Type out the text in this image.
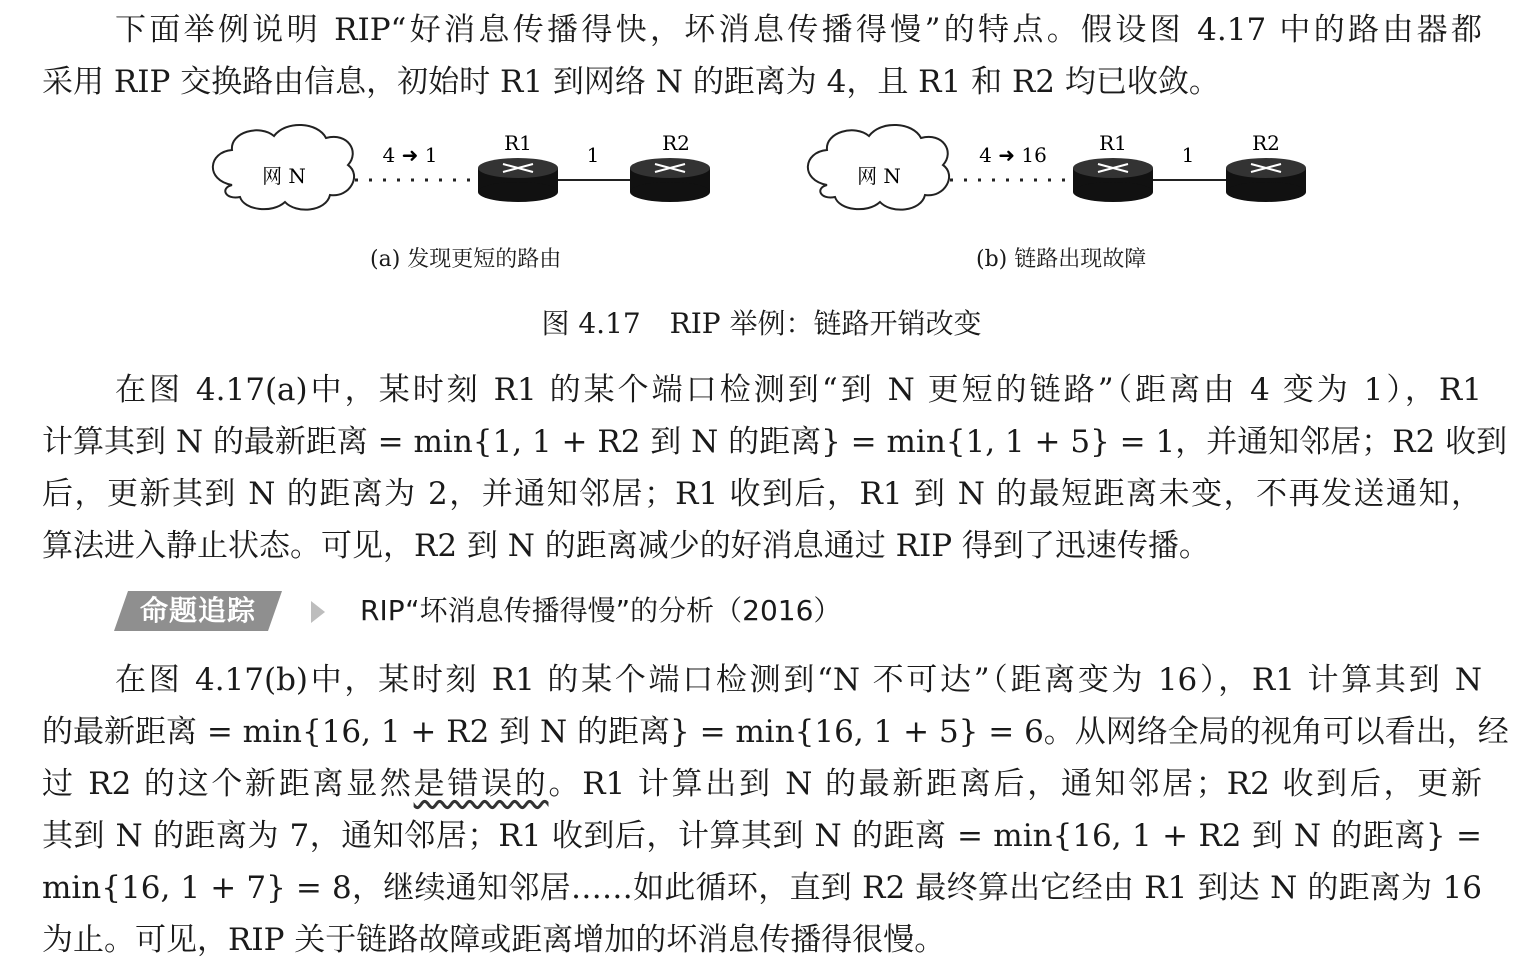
下面举例说明 RIP“好消息传播得快，坏消息传播得慢”的特点。假设图 4.17 中的路由器都
采用 RIP 交换路由信息，初始时 R1 到网络 N 的距离为 4，且 R1 和 R2 均已收敛。
网 N
4 ➜ 1	1
R1	R2
网 N
4 ➜ 16	1
R1	R2
(a) 发现更短的路由	(b) 链路出现故障
图 4.17 RIP 举例：链路开销改变
在图 4.17(a)中，某时刻 R1 的某个端口检测到“到 N 更短的链路”（距离由 4 变为 1），R1
计算其到 N 的最新距离 = min{1, 1 + R2 到 N 的距离} = min{1, 1 + 5} = 1，并通知邻居；R2 收到
后，更新其到 N 的距离为 2，并通知邻居；R1 收到后，R1 到 N 的最短距离未变，不再发送通知，
算法进入静止状态。可见，R2 到 N 的距离减少的好消息通过 RIP 得到了迅速传播。
命题追踪	RIP“坏消息传播得慢”的分析（2016）
在图 4.17(b)中，某时刻 R1 的某个端口检测到“N 不可达”（距离变为 16），R1 计算其到 N
的最新距离 = min{16, 1 + R2 到 N 的距离} = min{16, 1 + 5} = 6。从网络全局的视角可以看出，经
过 R2 的这个新距离显然是错误的。R1 计算出到 N 的最新距离后，通知邻居；R2 收到后，更新
其到 N 的距离为 7，通知邻居；R1 收到后，计算其到 N 的距离 = min{16, 1 + R2 到 N 的距离} =
min{16, 1 + 7} = 8，继续通知邻居……如此循环，直到 R2 最终算出它经由 R1 到达 N 的距离为 16
为止。可见，RIP 关于链路故障或距离增加的坏消息传播得很慢。
